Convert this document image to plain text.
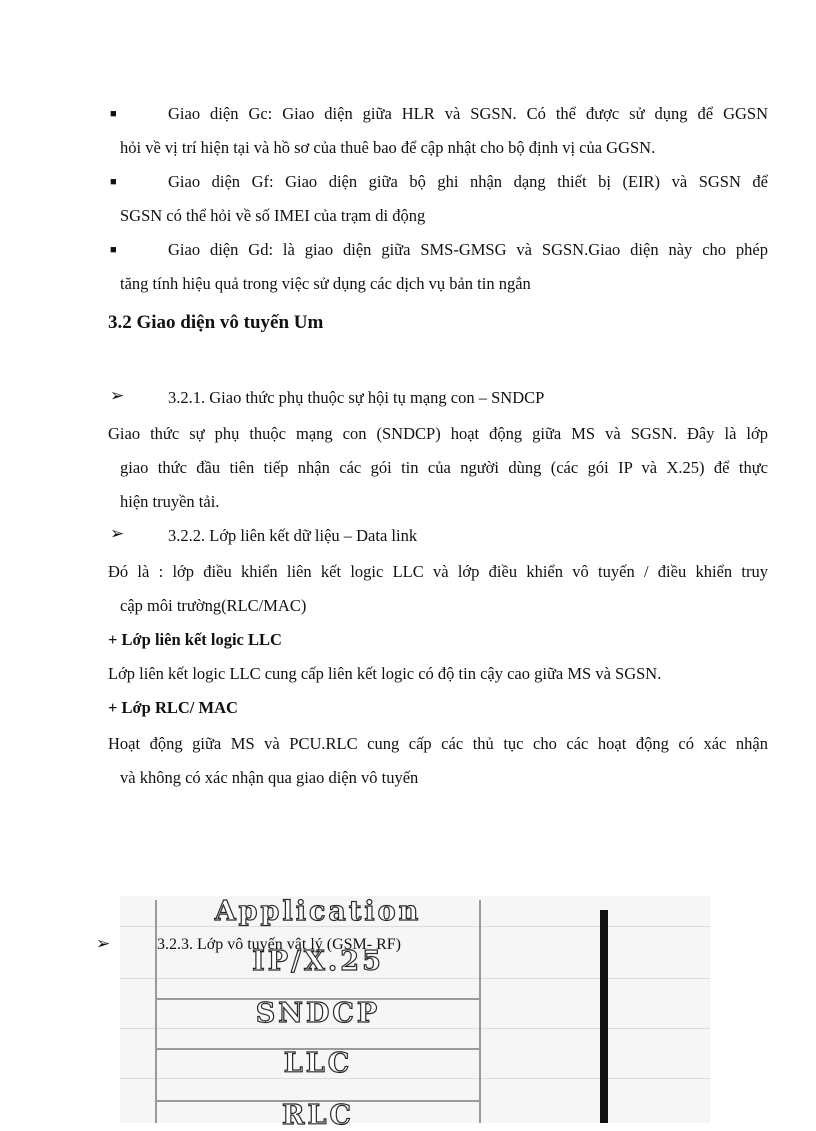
■	Giao diện Gc: Giao diện giữa HLR và SGSN. Có thể được sử dụng để GGSN
hỏi về vị trí hiện tại và hồ sơ của thuê bao để cập nhật cho bộ định vị của GGSN.
■	Giao diện Gf: Giao diện giữa bộ ghi nhận dạng thiết bị (EIR) và SGSN để
SGSN có thể hỏi về số IMEI của trạm di động
■	Giao diện Gd: là giao diện giữa SMS-GMSG và SGSN.Giao diện này cho phép
tăng tính hiệu quả trong việc sử dụng các dịch vụ bản tin ngắn
3.2 Giao diện vô tuyến Um
➢	3.2.1. Giao thức phụ thuộc sự hội tụ mạng con – SNDCP
Giao thức sự phụ thuộc mạng con (SNDCP) hoạt động giữa MS và SGSN. Đây là lớp
giao thức đầu tiên tiếp nhận các gói tin của người dùng (các gói IP và X.25) để thực
hiện truyền tải.
➢	3.2.2. Lớp liên kết dữ liệu – Data link
Đó là : lớp điều khiển liên kết logic LLC và lớp điều khiển vô tuyến / điều khiển truy
cập môi trường(RLC/MAC)
+ Lớp liên kết logic LLC
Lớp liên kết logic LLC cung cấp liên kết logic có độ tin cậy cao giữa MS và SGSN.
+ Lớp RLC/ MAC
Hoạt động giữa MS và PCU.RLC cung cấp các thủ tục cho các hoạt động có xác nhận
và không có xác nhận qua giao diện vô tuyến
Application
IP/X.25
SNDCP
LLC
RLC
➢	3.2.3. Lớp vô tuyến vật lý (GSM- RF)
